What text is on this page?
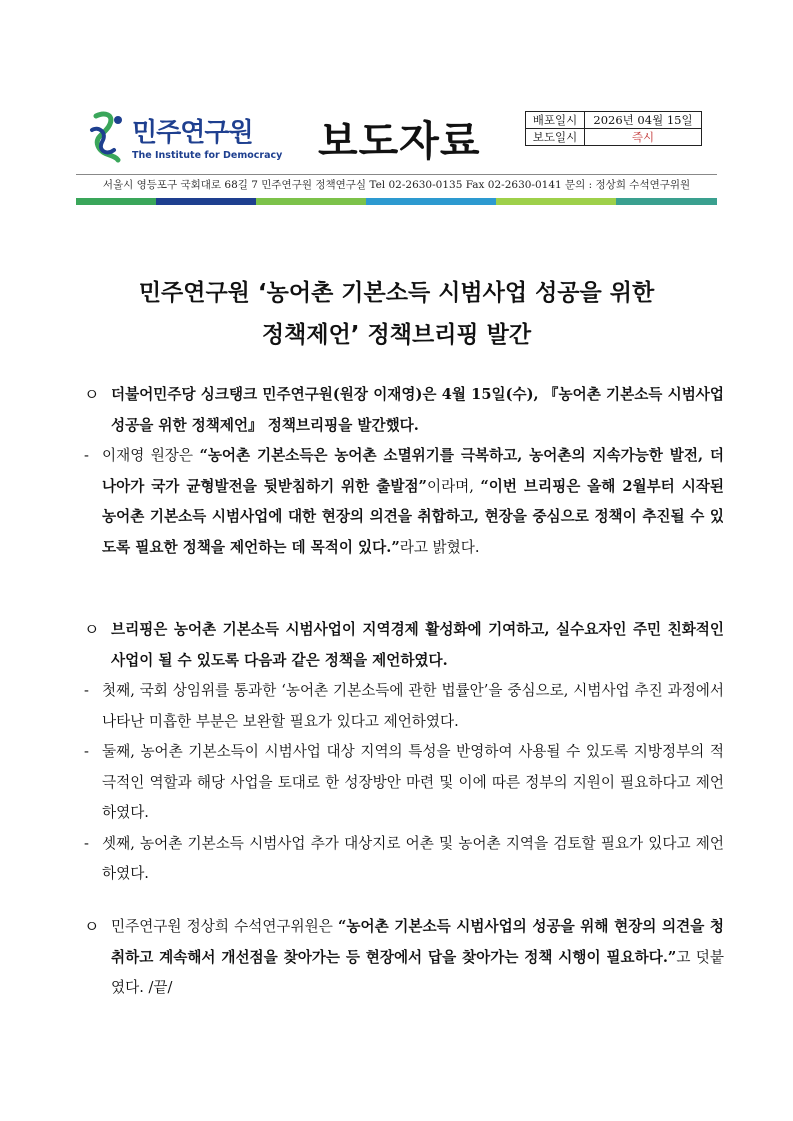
민주연구원
The Institute for Democracy 보도자료	배포일시	2026년 04월 15일
보도일시	즉시
서울시 영등포구 국회대로 68길 7 민주연구원 정책연구실 Tel 02-2630-0135 Fax 02-2630-0141 문의 : 정상희 수석연구위원
민주연구원 ‘농어촌 기본소득 시범사업 성공을 위한
정책제언’ 정책브리핑 발간
ㅇ 더불어민주당 싱크탱크 민주연구원(원장 이재영)은 4월 15일(수), 『농어촌 기본소득 시범사업 성공을 위한 정책제언』 정책브리핑을 발간했다.
- 이재영 원장은 “농어촌 기본소득은 농어촌 소멸위기를 극복하고, 농어촌의 지속가능한 발전, 더 나아가 국가 균형발전을 뒷받침하기 위한 출발점”이라며, “이번 브리핑은 올해 2월부터 시작된 농어촌 기본소득 시범사업에 대한 현장의 의견을 취합하고, 현장을 중심으로 정책이 추진될 수 있도록 필요한 정책을 제언하는 데 목적이 있다.”라고 밝혔다.
ㅇ 브리핑은 농어촌 기본소득 시범사업이 지역경제 활성화에 기여하고, 실수요자인 주민 친화적인 사업이 될 수 있도록 다음과 같은 정책을 제언하였다.
- 첫째, 국회 상임위를 통과한 ‘농어촌 기본소득에 관한 법률안’을 중심으로, 시범사업 추진 과정에서 나타난 미흡한 부분은 보완할 필요가 있다고 제언하였다.
- 둘째, 농어촌 기본소득이 시범사업 대상 지역의 특성을 반영하여 사용될 수 있도록 지방정부의 적극적인 역할과 해당 사업을 토대로 한 성장방안 마련 및 이에 따른 정부의 지원이 필요하다고 제언하였다.
- 셋째, 농어촌 기본소득 시범사업 추가 대상지로 어촌 및 농어촌 지역을 검토할 필요가 있다고 제언하였다.
ㅇ 민주연구원 정상희 수석연구위원은 “농어촌 기본소득 시범사업의 성공을 위해 현장의 의견을 청취하고 계속해서 개선점을 찾아가는 등 현장에서 답을 찾아가는 정책 시행이 필요하다.”고 덧붙였다. /끝/
